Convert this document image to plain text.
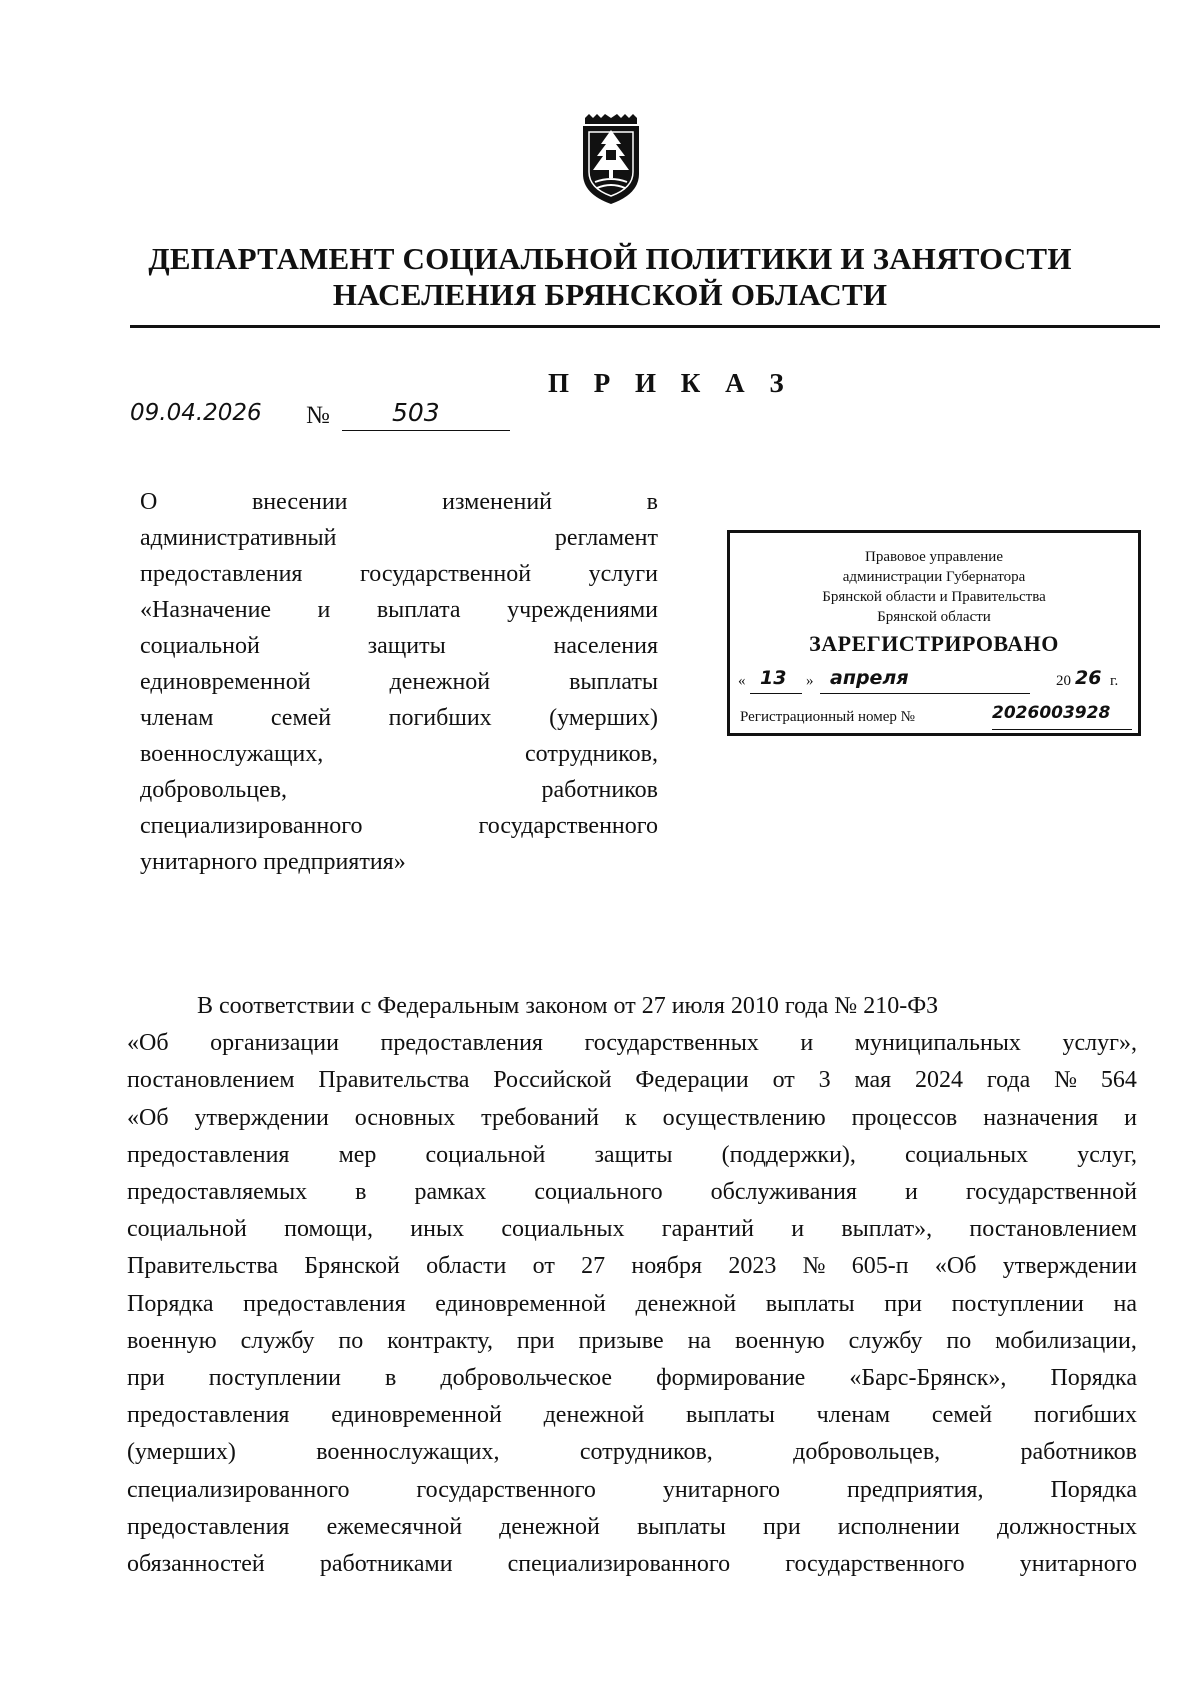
ДЕПАРТАМЕНТ СОЦИАЛЬНОЙ ПОЛИТИКИ И ЗАНЯТОСТИ
НАСЕЛЕНИЯ БРЯНСКОЙ ОБЛАСТИ
П Р И К А З
09.04.2026 № 503
О	внесении	изменений	в
административный	регламент
предоставления государственной услуги
«Назначение и выплата учреждениями
социальной	защиты	населения
единовременной	денежной	выплаты
членам семей погибших (умерших)
военнослужащих,	сотрудников,
добровольцев,	работников
специализированного	государственного
унитарного предприятия»
Правовое управление
администрации Губернатора
Брянской области и Правительства
Брянской области
ЗАРЕГИСТРИРОВАНО
« 13 » апреля	20 26 г.
Регистрационный номер №	2026003928
В соответствии с Федеральным законом от 27 июля 2010 года № 210-ФЗ
«Об организации предоставления государственных и муниципальных услуг»,
постановлением Правительства Российской Федерации от 3 мая 2024 года № 564
«Об утверждении основных требований к осуществлению процессов назначения и
предоставления мер социальной защиты (поддержки), социальных услуг,
предоставляемых в рамках социального обслуживания и государственной
социальной помощи, иных социальных гарантий и выплат», постановлением
Правительства Брянской области от 27 ноября 2023 № 605-п «Об утверждении
Порядка предоставления единовременной денежной выплаты при поступлении на
военную службу по контракту, при призыве на военную службу по мобилизации,
при поступлении в добровольческое формирование «Барс-Брянск», Порядка
предоставления единовременной денежной выплаты членам семей погибших
(умерших)	военнослужащих,	сотрудников,	добровольцев,	работников
специализированного	государственного	унитарного	предприятия,	Порядка
предоставления ежемесячной денежной выплаты при исполнении должностных
обязанностей работниками специализированного государственного унитарного
